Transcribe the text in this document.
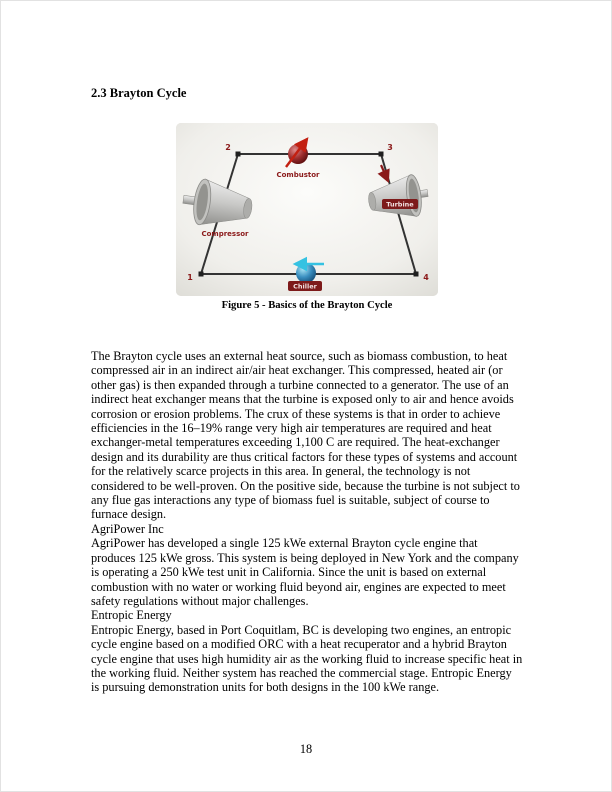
2.3 Brayton Cycle
Compressor
Turbine
Combustor
Chiller
2	3
1	4
Figure 5 - Basics of the Brayton Cycle

The Brayton cycle uses an external heat source, such as biomass combustion, to heat compressed air in an indirect air/air heat exchanger. This compressed, heated air (or other gas) is then expanded through a turbine connected to a generator. The use of an indirect heat exchanger means that the turbine is exposed only to air and hence avoids corrosion or erosion problems. The crux of these systems is that in order to achieve efficiencies in the 16–19% range very high air temperatures are required and heat exchanger-metal temperatures exceeding 1,100 C are required. The heat-exchanger design and its durability are thus critical factors for these types of systems and account for the relatively scarce projects in this area. In general, the technology is not considered to be well-proven. On the positive side, because the turbine is not subject to any flue gas interactions any type of biomass fuel is suitable, subject of course to furnace design.

AgriPower Inc

AgriPower has developed a single 125 kWe external Brayton cycle engine that produces 125 kWe gross. This system is being deployed in New York and the company is operating a 250 kWe test unit in California. Since the unit is based on external combustion with no water or working fluid beyond air, engines are expected to meet safety regulations without major challenges.

Entropic Energy

Entropic Energy, based in Port Coquitlam, BC is developing two engines, an entropic cycle engine based on a modified ORC with a heat recuperator and a hybrid Brayton cycle engine that uses high humidity air as the working fluid to increase specific heat in the working fluid. Neither system has reached the commercial stage. Entropic Energy is pursuing demonstration units for both designs in the 100 kWe range.

18
